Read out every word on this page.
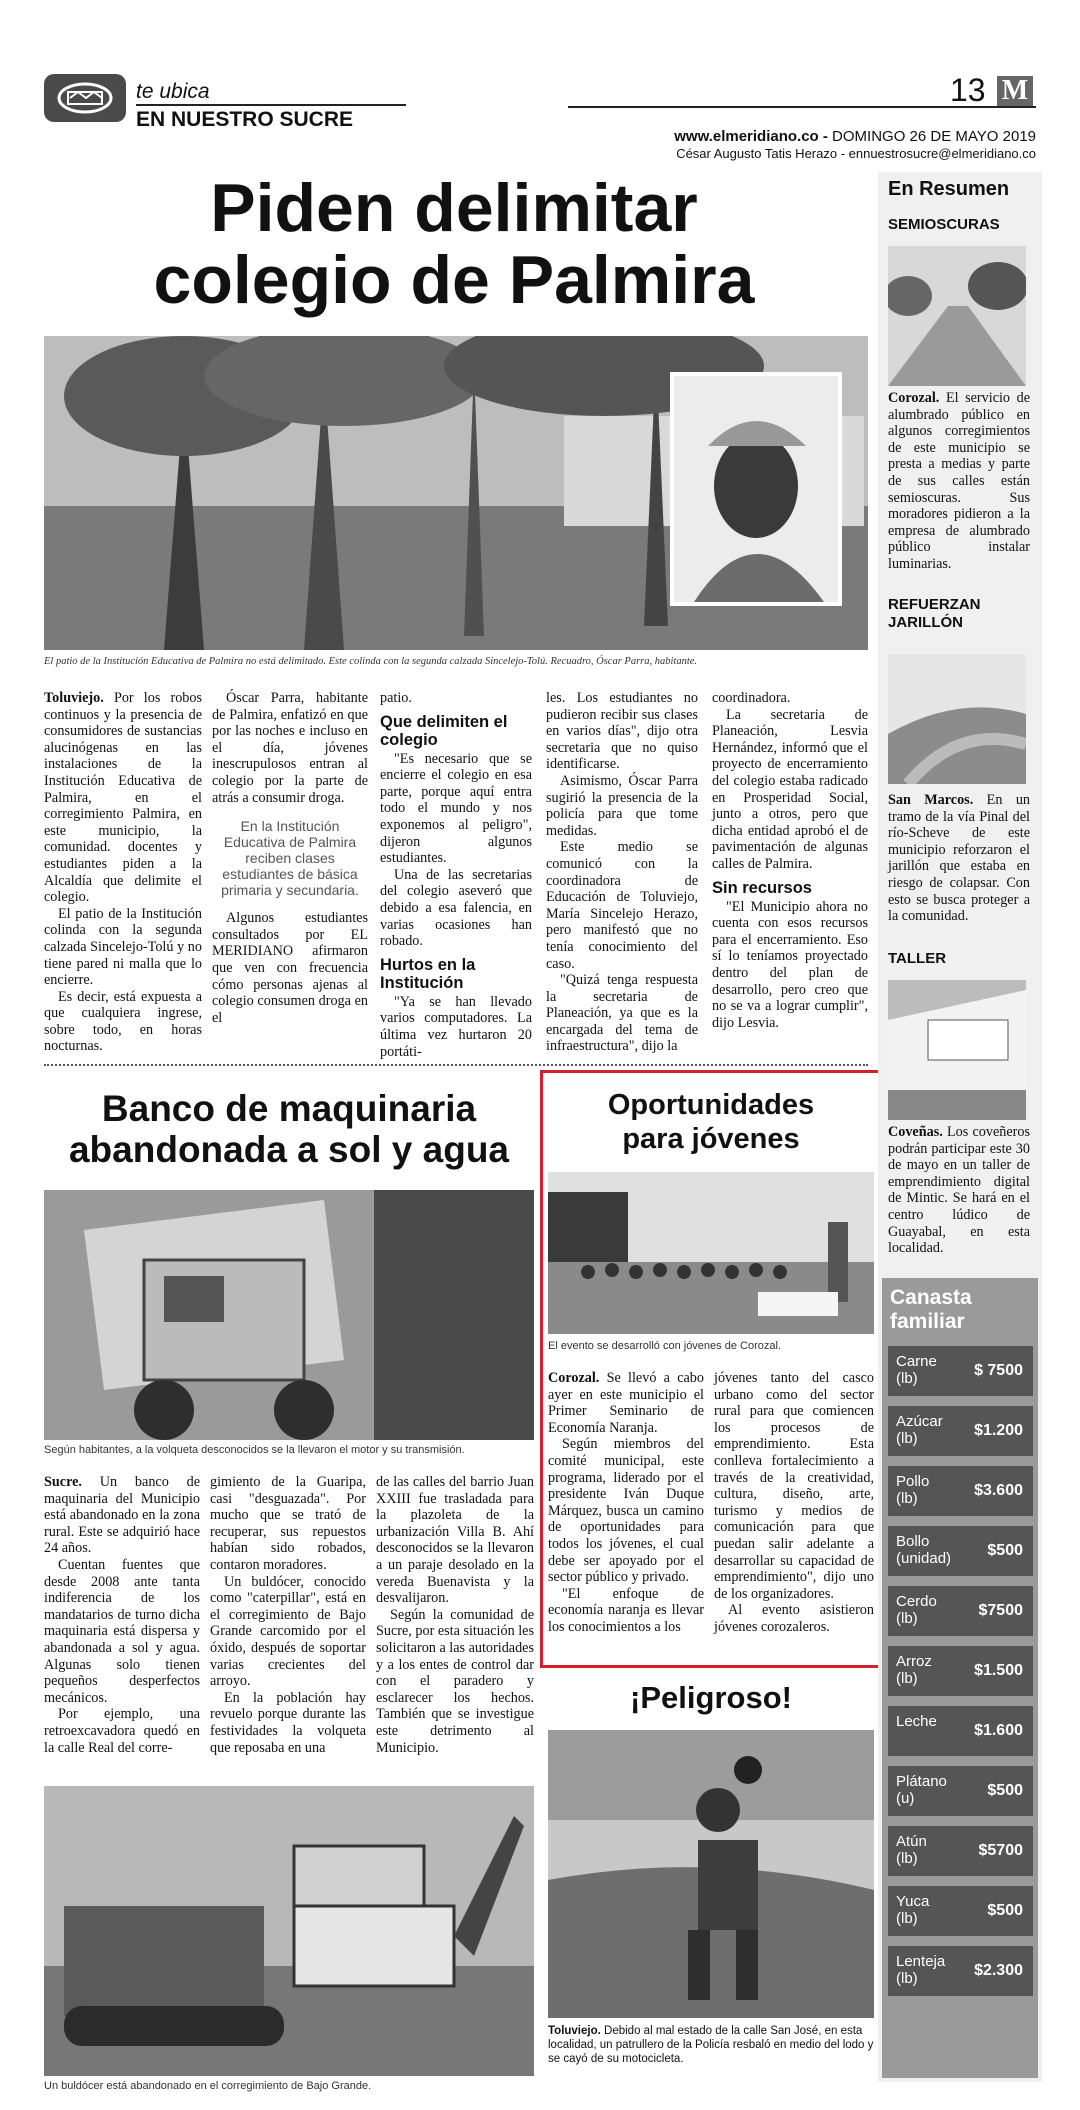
te ubica
EN NUESTRO SUCRE
13 M
www.elmeridiano.co - DOMINGO 26 DE MAYO 2019
César Augusto Tatis Herazo - ennuestrosucre@elmeridiano.co
Piden delimitar
colegio de Palmira
El patio de la Institución Educativa de Palmira no está delimitado. Este colinda con la segunda calzada Sincelejo-Tolú. Recuadro, Óscar Parra, habitante.

Toluviejo. Por los robos continuos y la presencia de consumidores de sustancias alucinógenas en las instalaciones de la Institución Educativa de Palmira, en el corregimiento Palmira, en este municipio, la comunidad. docentes y estudiantes piden a la Alcaldía que delimite el colegio.

El patio de la Institución colinda con la segunda calzada Sincelejo-Tolú y no tiene pared ni malla que lo encierre.

Es decir, está expuesta a que cualquiera ingrese, sobre todo, en horas nocturnas.

Óscar Parra, habitante de Palmira, enfatizó en que por las noches e incluso en el día, jóvenes inescrupulosos entran al colegio por la parte de atrás a consumir droga.

En la Institución Educativa de Palmira reciben clases estudiantes de básica primaria y secundaria.

Algunos estudiantes consultados por EL MERIDIANO afirmaron que ven con frecuencia cómo personas ajenas al colegio consumen droga en el

patio.

Que delimiten el colegio

"Es necesario que se encierre el colegio en esa parte, porque aquí entra todo el mundo y nos exponemos al peligro", dijeron algunos estudiantes.

Una de las secretarias del colegio aseveró que debido a esa falencia, en varias ocasiones han robado.

Hurtos en la Institución

"Ya se han llevado varios computadores. La última vez hurtaron 20 portáti-

les. Los estudiantes no pudieron recibir sus clases en varios días", dijo otra secretaria que no quiso identificarse.

Asimismo, Óscar Parra sugirió la presencia de la policía para que tome medidas.

Este medio se comunicó con la coordinadora de Educación de Toluviejo, María Sincelejo Herazo, pero manifestó que no tenía conocimiento del caso.

"Quizá tenga respuesta la secretaria de Planeación, ya que es la encargada del tema de infraestructura", dijo la

coordinadora.

La secretaria de Planeación, Lesvia Hernández, informó que el proyecto de encerramiento del colegio estaba radicado en Prosperidad Social, junto a otros, pero que dicha entidad aprobó el de pavimentación de algunas calles de Palmira.

Sin recursos

"El Municipio ahora no cuenta con esos recursos para el encerramiento. Eso sí lo teníamos proyectado dentro del plan de desarrollo, pero creo que no se va a lograr cumplir", dijo Lesvia.

Banco de maquinaria
abandonada a sol y agua
Según habitantes, a la volqueta desconocidos se la llevaron el motor y su transmisión.

Sucre. Un banco de maquinaria del Municipio está abandonado en la zona rural. Este se adquirió hace 24 años.

Cuentan fuentes que desde 2008 ante tanta indiferencia de los mandatarios de turno dicha maquinaria está dispersa y abandonada a sol y agua. Algunas solo tienen pequeños desperfectos mecánicos.

Por ejemplo, una retroexcavadora quedó en la calle Real del corre-

gimiento de la Guaripa, casi "desguazada". Por mucho que se trató de recuperar, sus repuestos habían sido robados, contaron moradores.

Un buldócer, conocido como "caterpillar", está en el corregimiento de Bajo Grande carcomido por el óxido, después de soportar varias crecientes del arroyo.

En la población hay revuelo porque durante las festividades la volqueta que reposaba en una

de las calles del barrio Juan XXIII fue trasladada para la plazoleta de la urbanización Villa B. Ahí desconocidos se la llevaron a un paraje desolado en la vereda Buenavista y la desvalijaron.

Según la comunidad de Sucre, por esta situación les solicitaron a las autoridades y a los entes de control dar con el paradero y esclarecer los hechos. También que se investigue este detrimento al Municipio.

Un buldócer está abandonado en el corregimiento de Bajo Grande.
Oportunidades
para jóvenes
El evento se desarrolló con jóvenes de Corozal.

Corozal. Se llevó a cabo ayer en este municipio el Primer Seminario de Economía Naranja.

Según miembros del comité municipal, este programa, liderado por el presidente Iván Duque Márquez, busca un camino de oportunidades para todos los jóvenes, el cual debe ser apoyado por el sector público y privado.

"El enfoque de economía naranja es llevar los conocimientos a los

jóvenes tanto del casco urbano como del sector rural para que comiencen los procesos de emprendimiento. Esta conlleva fortalecimiento a través de la creatividad, cultura, diseño, arte, turismo y medios de comunicación para que puedan salir adelante a desarrollar su capacidad de emprendimiento", dijo uno de los organizadores.

Al evento asistieron jóvenes corozaleros.

¡Peligroso!
Toluviejo. Debido al mal estado de la calle San José, en esta localidad, un patrullero de la Policía resbaló en medio del lodo y se cayó de su motocicleta.
En Resumen
SEMIOSCURAS
Corozal. El servicio de alumbrado público en algunos corregimientos de este municipio se presta a medias y parte de sus calles están semioscuras. Sus moradores pidieron a la empresa de alumbrado público instalar luminarias.
REFUERZAN
JARILLÓN
San Marcos. En un tramo de la vía Pinal del río-Scheve de este municipio reforzaron el jarillón que estaba en riesgo de colapsar. Con esto se busca proteger a la comunidad.
TALLER
Coveñas. Los coveñeros podrán participar este 30 de mayo en un taller de emprendimiento digital de Mintic. Se hará en el centro lúdico de Guayabal, en esta localidad.
Canasta
familiar
Carne
(lb)	$ 7500
Azúcar
(lb)	$1.200
Pollo
(lb)	$3.600
Bollo
(unidad) $500
Cerdo
(lb)	$7500
Arroz
(lb)	$1.500
Leche
$1.600
Plátano
(u)	$500
Atún
(lb)	$5700
Yuca
(lb)	$500
Lenteja
(lb)	$2.300
Municipio: Corozal.
